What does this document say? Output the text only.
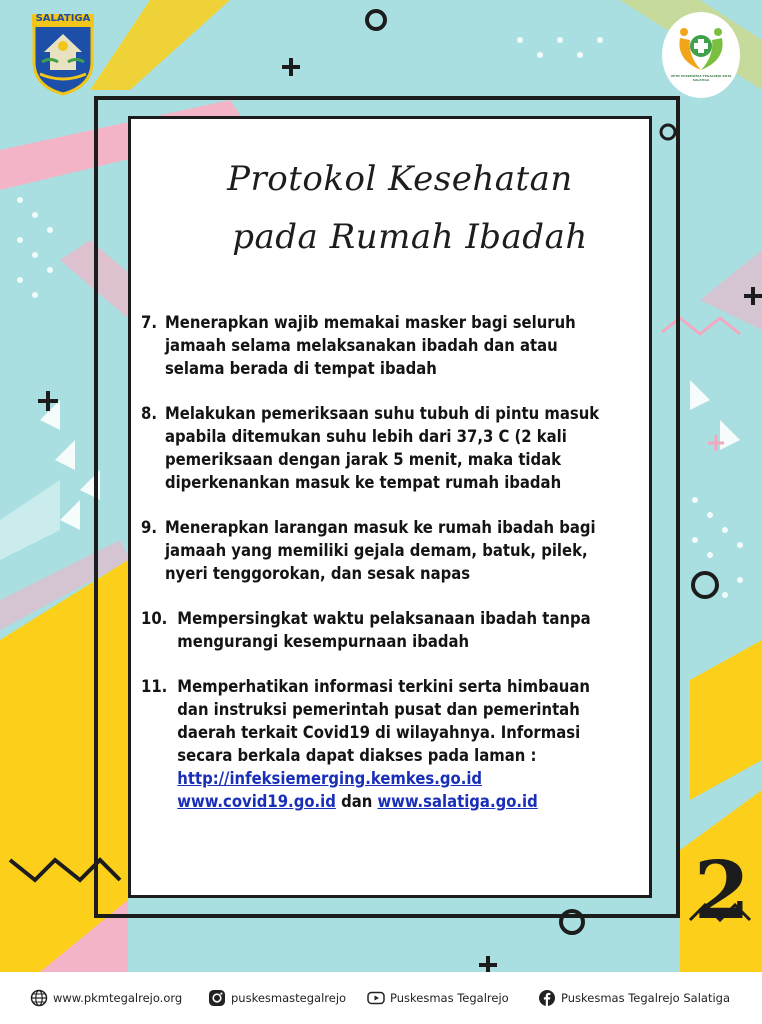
SALATIGA
UPTD PUSKESMAS TEGALREJO KOTA SALATIGA
Protokol Kesehatan
pada Rumah Ibadah
7. Menerapkan wajib memakai masker bagi seluruh
jamaah selama melaksanakan ibadah dan atau
selama berada di tempat ibadah
8. Melakukan pemeriksaan suhu tubuh di pintu masuk
apabila ditemukan suhu lebih dari 37,3 C (2 kali
pemeriksaan dengan jarak 5 menit, maka tidak
diperkenankan masuk ke tempat rumah ibadah
9. Menerapkan larangan masuk ke rumah ibadah bagi
jamaah yang memiliki gejala demam, batuk, pilek,
nyeri tenggorokan, dan sesak napas
10. Mempersingkat waktu pelaksanaan ibadah tanpa
mengurangi kesempurnaan ibadah
11. Memperhatikan informasi terkini serta himbauan
dan instruksi pemerintah pusat dan pemerintah
daerah terkait Covid19 di wilayahnya. Informasi
secara berkala dapat diakses pada laman :
http://infeksiemerging.kemkes.go.id
www.covid19.go.id dan www.salatiga.go.id
2
www.pkmtegalrejo.org	puskesmastegalrejo	Puskesmas Tegalrejo	Puskesmas Tegalrejo Salatiga
